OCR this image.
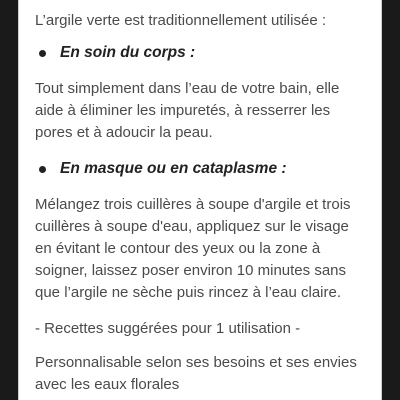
L’argile verte est traditionnellement utilisée :

En soin du corps :

Tout simplement dans l’eau de votre bain, elle aide à éliminer les impuretés, à resserrer les pores et à adoucir la peau.

En masque ou en cataplasme :

Mélangez trois cuillères à soupe d'argile et trois cuillères à soupe d'eau, appliquez sur le visage en évitant le contour des yeux ou la zone à soigner, laissez poser environ 10 minutes sans que l’argile ne sèche puis rincez à l’eau claire.

- Recettes suggérées pour 1 utilisation -

Personnalisable selon ses besoins et ses envies avec les eaux florales
